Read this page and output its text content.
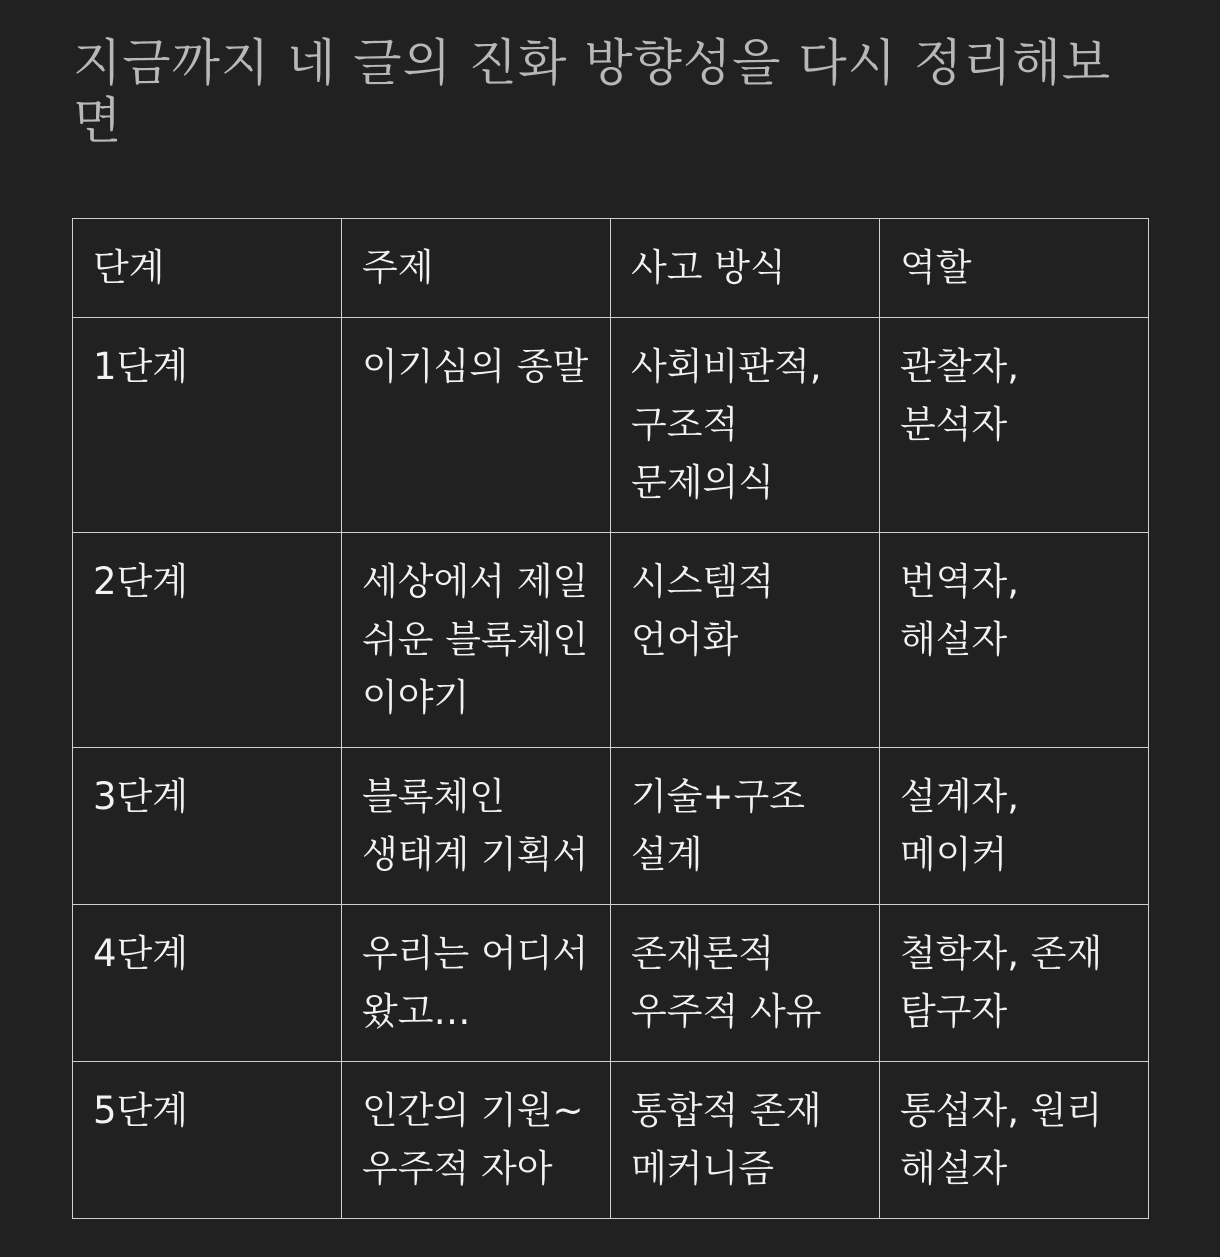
지금까지 네 글의 진화 방향성을 다시 정리해보면
단계	주제	사고 방식	역할
1단계	이기심의 종말	사회비판적, 구조적 문제의식	관찰자, 분석자
2단계	세상에서 제일 쉬운 블록체인 이야기	시스템적 언어화	번역자, 해설자
3단계	블록체인 생태계 기획서	기술+구조 설계	설계자, 메이커
4단계	우리는 어디서 왔고…	존재론적 우주적 사유	철학자, 존재 탐구자
5단계	인간의 기원~ 우주적 자아	통합적 존재 메커니즘	통섭자, 원리 해설자
